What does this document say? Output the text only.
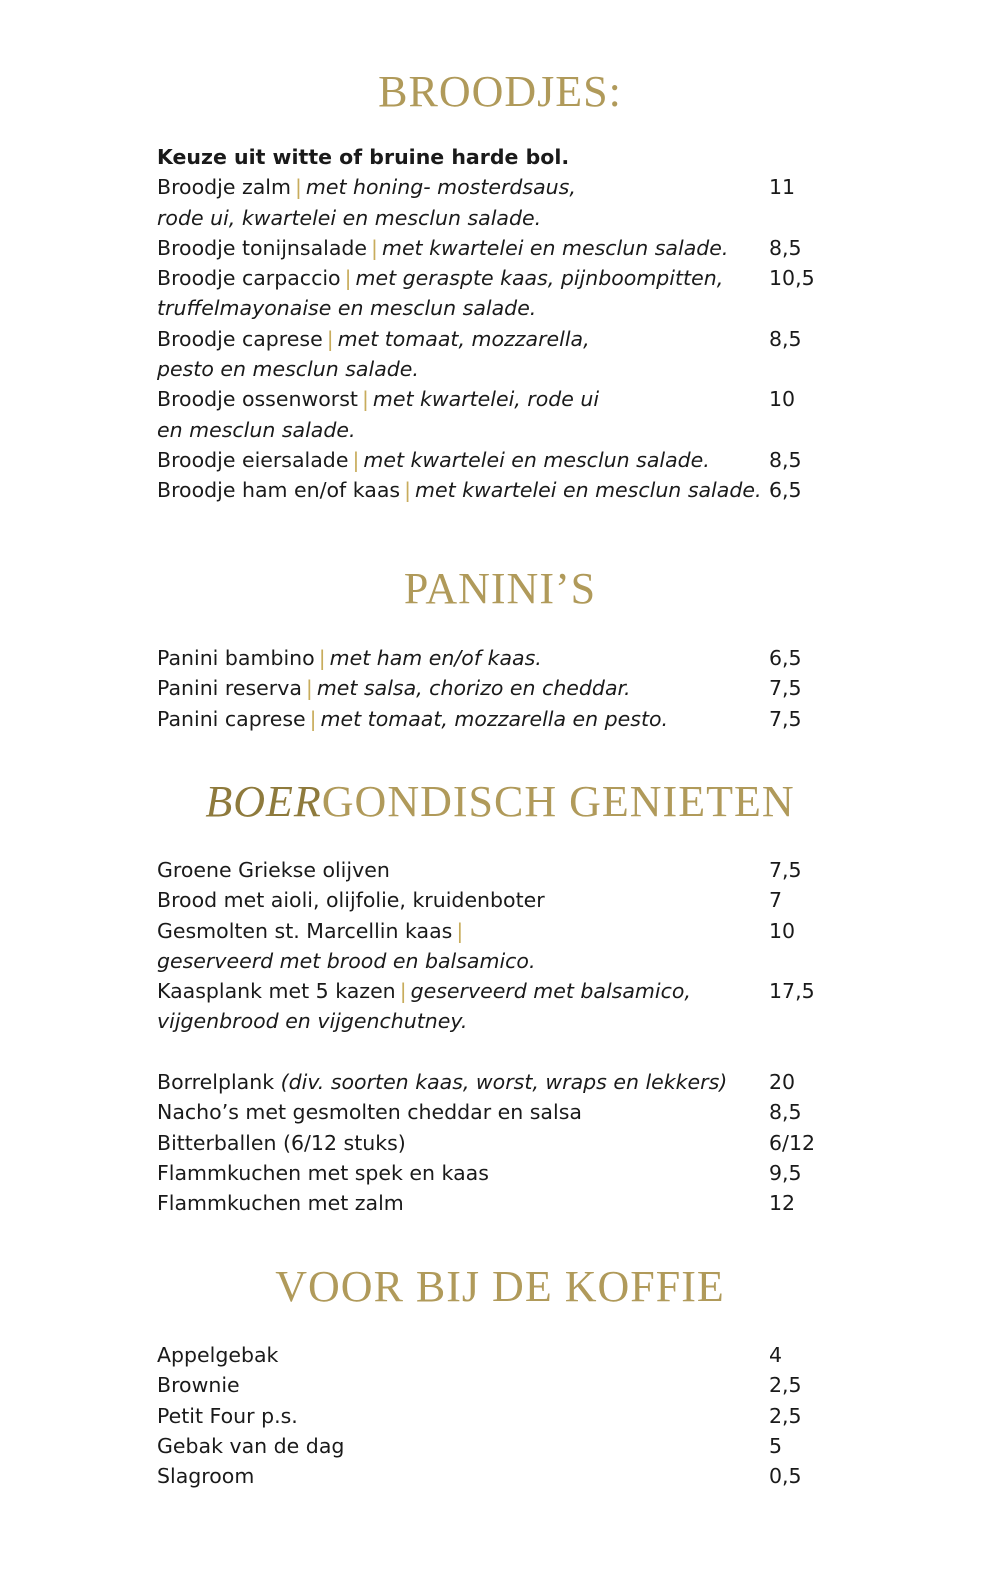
BROODJES:
Keuze uit witte of bruine harde bol.
Broodje zalm | met honing- mosterdsaus,	11
rode ui, kwartelei en mesclun salade.
Broodje tonijnsalade | met kwartelei en mesclun salade. 8,5
Broodje carpaccio | met geraspte kaas, pijnboompitten, 10,5
truffelmayonaise en mesclun salade.
Broodje caprese | met tomaat, mozzarella,	8,5
pesto en mesclun salade.
Broodje ossenworst | met kwartelei, rode ui	10
en mesclun salade.
Broodje eiersalade | met kwartelei en mesclun salade.	8,5
Broodje ham en/of kaas | met kwartelei en mesclun salade. 6,5
PANINI’S
Panini bambino | met ham en/of kaas.	6,5
Panini reserva | met salsa, chorizo en cheddar.	7,5
Panini caprese | met tomaat, mozzarella en pesto.	7,5
BOERGONDISCH GENIETEN
Groene Griekse olijven	7,5
Brood met aioli, olijfolie, kruidenboter	7
Gesmolten st. Marcellin kaas |	10
geserveerd met brood en balsamico.
Kaasplank met 5 kazen | geserveerd met balsamico,	17,5
vijgenbrood en vijgenchutney.
Borrelplank (div. soorten kaas, worst, wraps en lekkers) 20
Nacho’s met gesmolten cheddar en salsa	8,5
Bitterballen (6/12 stuks)	6/12
Flammkuchen met spek en kaas	9,5
Flammkuchen met zalm	12
VOOR BIJ DE KOFFIE
Appelgebak	4
Brownie	2,5
Petit Four p.s.	2,5
Gebak van de dag	5
Slagroom	0,5
